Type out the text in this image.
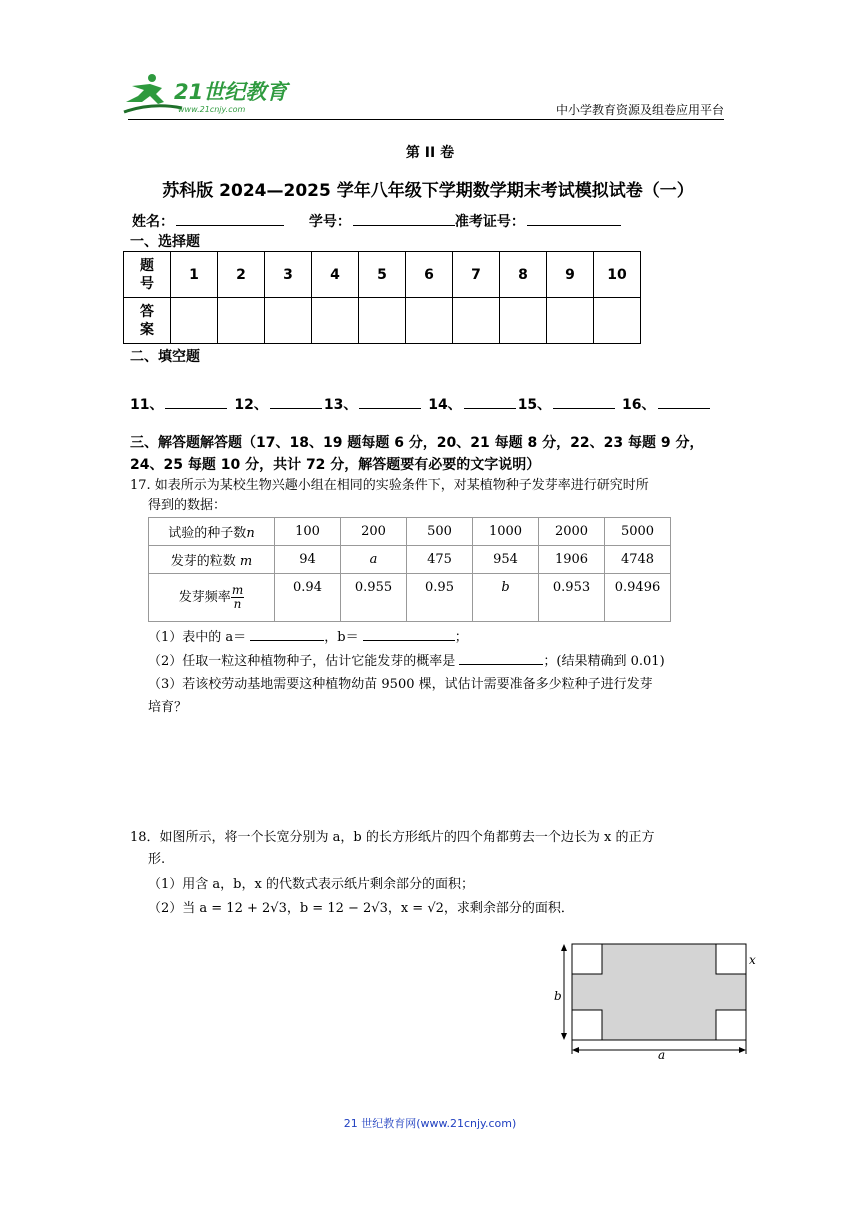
21世纪教育
www.21cnjy.com	中小学教育资源及组卷应用平台
第 II 卷
苏科版 2024—2025 学年八年级下学期数学期末考试模拟试卷（一）
姓名：	学号：	准考证号：
一、选择题
题号	1	2	3	4	5	6	7	8	9	10
答案										
二、填空题
11、	12、	13、	14、	15、	16、
三、解答题解答题（17、18、19 题每题 6 分，20、21 每题 8 分，22、23 每题 9 分，24、25 每题 10 分，共计 72 分，解答题要有必要的文字说明）
17. 如表所示为某校生物兴趣小组在相同的实验条件下，对某植物种子发芽率进行研究时所
得到的数据：
试验的种子数n	100	200	500	1000	2000	5000
发芽的粒数 m	94	a	475	954	1906	4748
发芽频率 $\frac{m}{n}$	0.94	0.955	0.95	b	0.953	0.9496
（1）表中的 a＝	，b＝	；
（2）任取一粒这种植物种子，估计它能发芽的概率是	；(结果精确到 0.01)
（3）若该校劳动基地需要这种植物幼苗 9500 棵，试估计需要准备多少粒种子进行发芽
培育？
18．如图所示，将一个长宽分别为 a，b 的长方形纸片的四个角都剪去一个边长为 x 的正方
形.
（1）用含 a，b，x 的代数式表示纸片剩余部分的面积；
（2）当 a = 12 + 2√3，b = 12 − 2√3，x = √2，求剩余部分的面积．
x
b
a
21 世纪教育网(www.21cnjy.com)
